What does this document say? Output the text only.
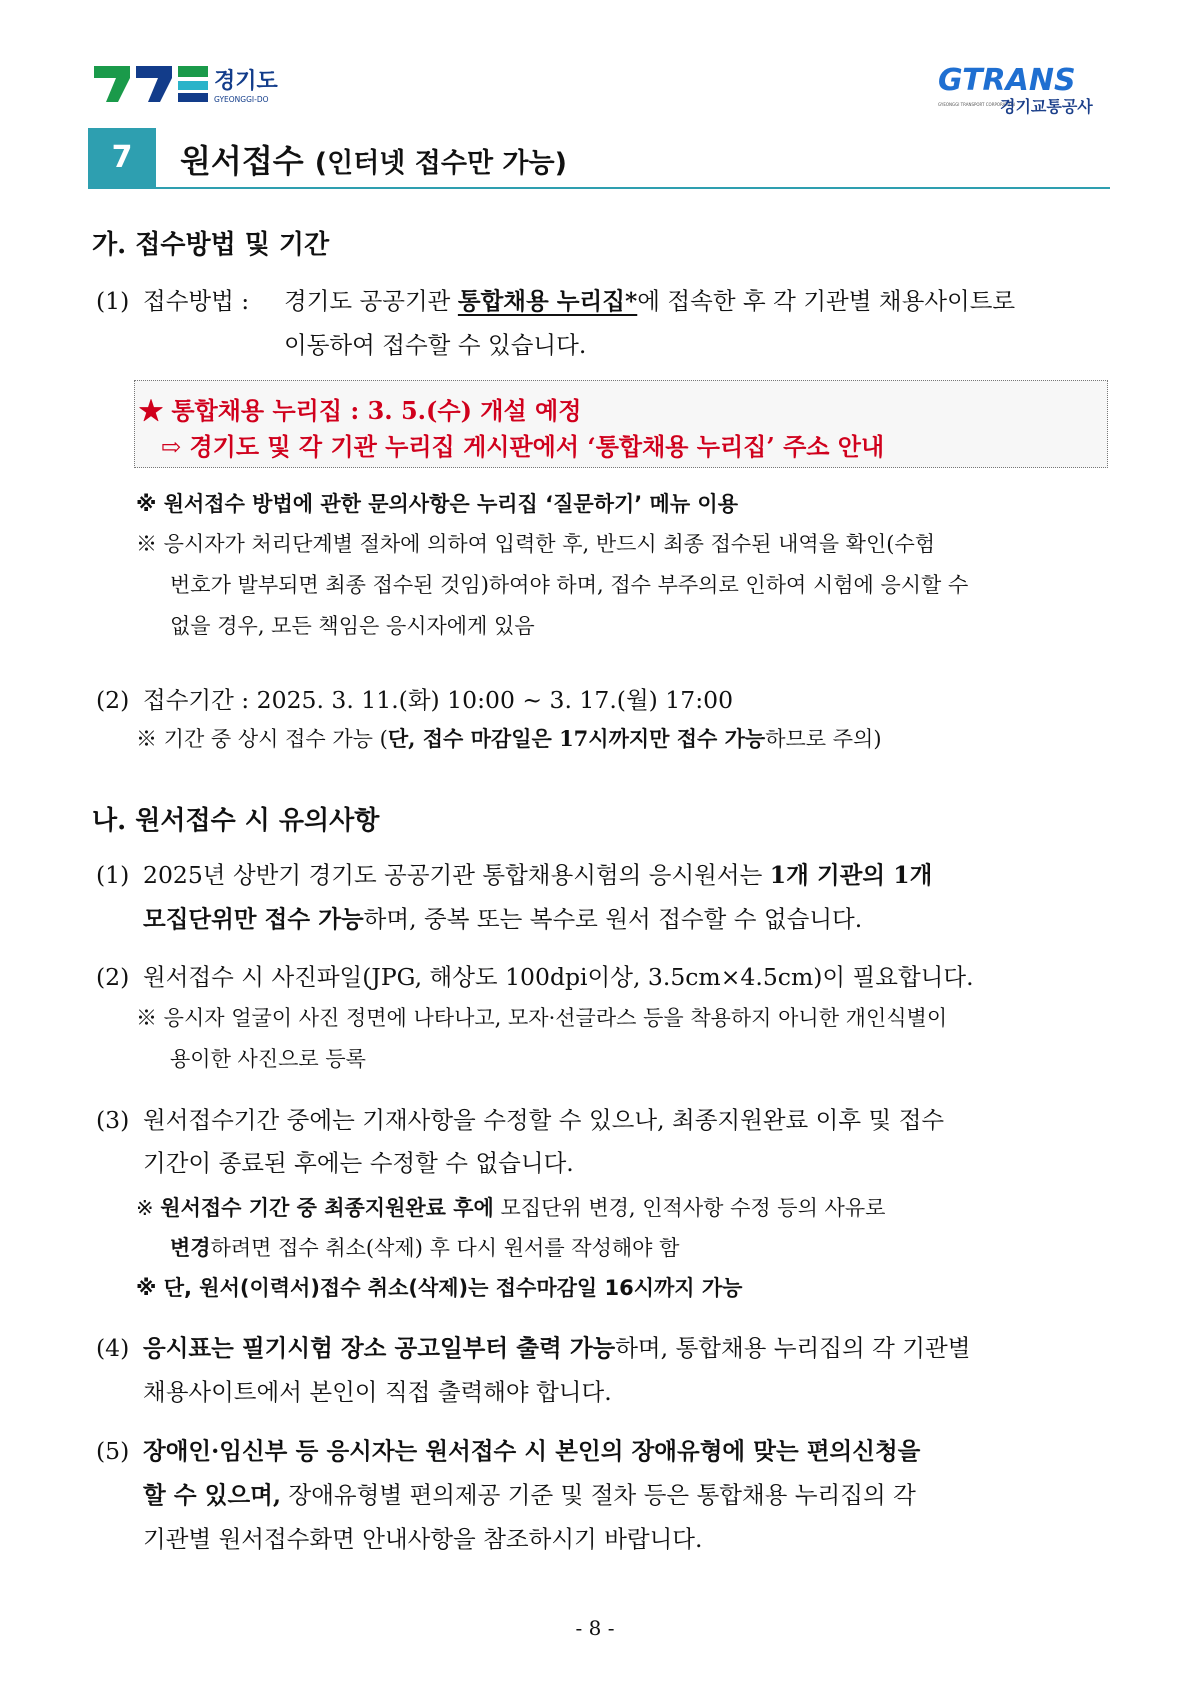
경기도
GYEONGGI-DO
GTRANS
GYEONGGI TRANSPORT CORPORATION
경기교통공사
7	원서접수 (인터넷 접수만 가능)
가. 접수방법 및 기간
(1) 접수방법 : 경기도 공공기관 통합채용 누리집*에 접속한 후 각 기관별 채용사이트로
이동하여 접수할 수 있습니다.
★ 통합채용 누리집 : 3. 5.(수) 개설 예정
⇨ 경기도 및 각 기관 누리집 게시판에서 ‘통합채용 누리집’ 주소 안내
※ 원서접수 방법에 관한 문의사항은 누리집 ‘질문하기’ 메뉴 이용
※ 응시자가 처리단계별 절차에 의하여 입력한 후, 반드시 최종 접수된 내역을 확인(수험
번호가 발부되면 최종 접수된 것임)하여야 하며, 접수 부주의로 인하여 시험에 응시할 수
없을 경우, 모든 책임은 응시자에게 있음
(2) 접수기간 : 2025. 3. 11.(화) 10:00 ~ 3. 17.(월) 17:00
※ 기간 중 상시 접수 가능 (단, 접수 마감일은 17시까지만 접수 가능하므로 주의)
나. 원서접수 시 유의사항
(1) 2025년 상반기 경기도 공공기관 통합채용시험의 응시원서는 1개 기관의 1개
모집단위만 접수 가능하며, 중복 또는 복수로 원서 접수할 수 없습니다.
(2) 원서접수 시 사진파일(JPG, 해상도 100dpi이상, 3.5cm×4.5cm)이 필요합니다.
※ 응시자 얼굴이 사진 정면에 나타나고, 모자·선글라스 등을 착용하지 아니한 개인식별이
용이한 사진으로 등록
(3) 원서접수기간 중에는 기재사항을 수정할 수 있으나, 최종지원완료 이후 및 접수
기간이 종료된 후에는 수정할 수 없습니다.
※ 원서접수 기간 중 최종지원완료 후에 모집단위 변경, 인적사항 수정 등의 사유로
변경하려면 접수 취소(삭제) 후 다시 원서를 작성해야 함
※ 단, 원서(이력서)접수 취소(삭제)는 접수마감일 16시까지 가능
(4) 응시표는 필기시험 장소 공고일부터 출력 가능하며, 통합채용 누리집의 각 기관별
채용사이트에서 본인이 직접 출력해야 합니다.
(5) 장애인·임신부 등 응시자는 원서접수 시 본인의 장애유형에 맞는 편의신청을
할 수 있으며, 장애유형별 편의제공 기준 및 절차 등은 통합채용 누리집의 각
기관별 원서접수화면 안내사항을 참조하시기 바랍니다.
- 8 -
